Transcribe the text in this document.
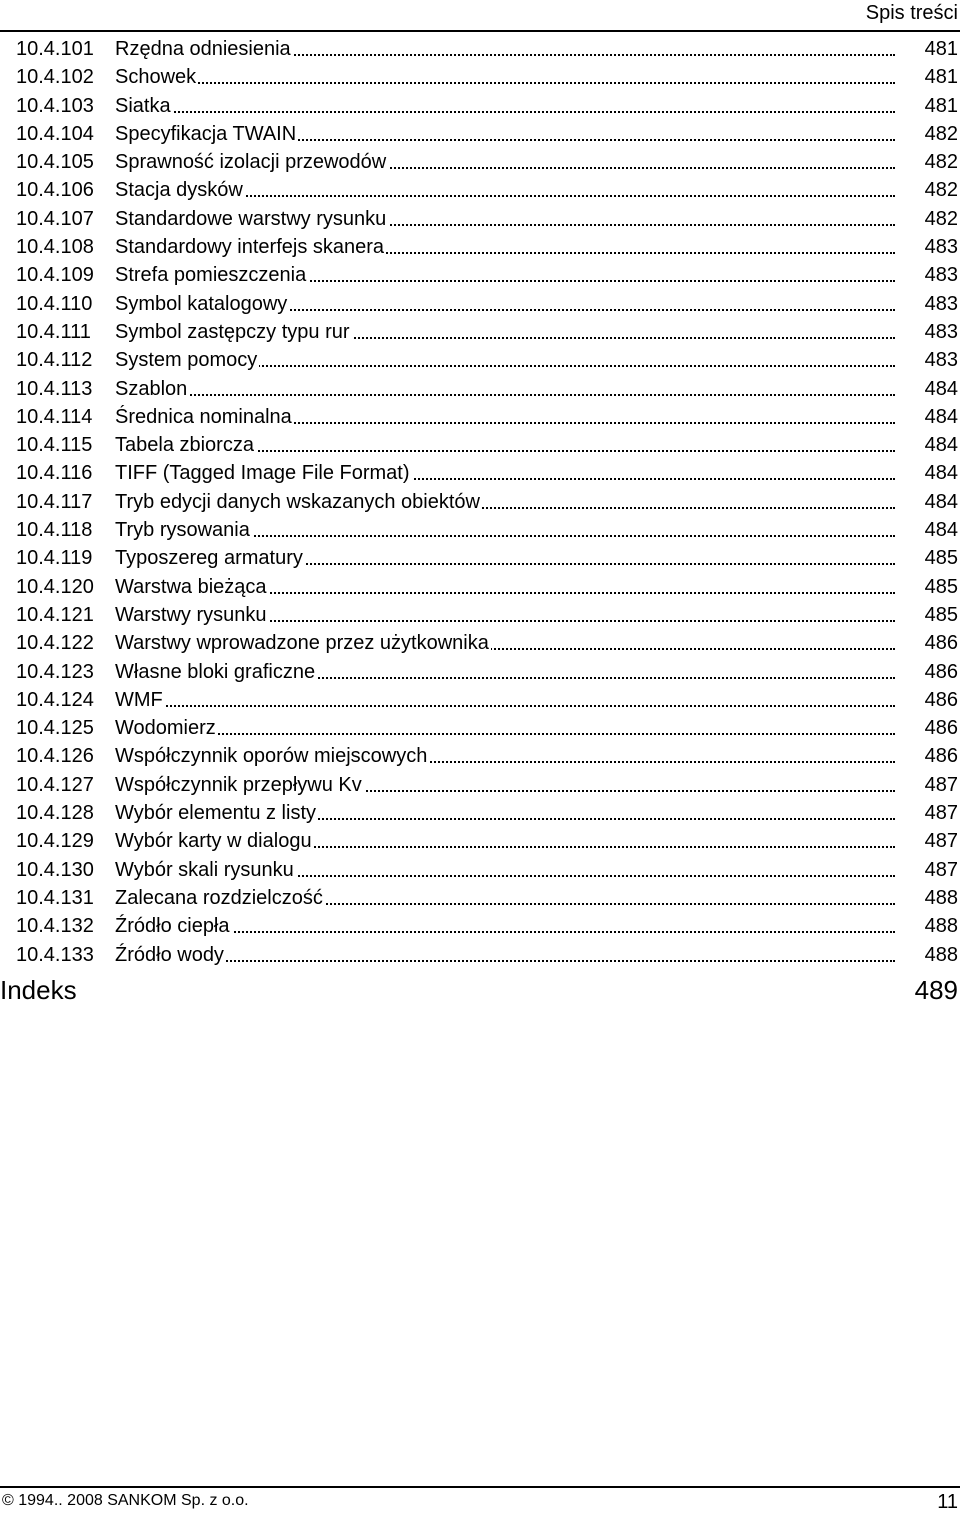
Spis treści
10.4.101 Rzędna odniesienia	481
10.4.102 Schowek	481
10.4.103 Siatka	481
10.4.104 Specyfikacja TWAIN	482
10.4.105 Sprawność izolacji przewodów	482
10.4.106 Stacja dysków	482
10.4.107 Standardowe warstwy rysunku	482
10.4.108 Standardowy interfejs skanera	483
10.4.109 Strefa pomieszczenia	483
10.4.110 Symbol katalogowy	483
10.4.111 Symbol zastępczy typu rur	483
10.4.112 System pomocy	483
10.4.113 Szablon	484
10.4.114 Średnica nominalna	484
10.4.115 Tabela zbiorcza	484
10.4.116 TIFF (Tagged Image File Format)	484
10.4.117 Tryb edycji danych wskazanych obiektów	484
10.4.118 Tryb rysowania	484
10.4.119 Typoszereg armatury	485
10.4.120 Warstwa bieżąca	485
10.4.121 Warstwy rysunku	485
10.4.122 Warstwy wprowadzone przez użytkownika	486
10.4.123 Własne bloki graficzne	486
10.4.124 WMF	486
10.4.125 Wodomierz	486
10.4.126 Współczynnik oporów miejscowych	486
10.4.127 Współczynnik przepływu Kv	487
10.4.128 Wybór elementu z listy	487
10.4.129 Wybór karty w dialogu	487
10.4.130 Wybór skali rysunku	487
10.4.131 Zalecana rozdzielczość	488
10.4.132 Źródło ciepła	488
10.4.133 Źródło wody	488
Indeks	489
© 1994.. 2008 SANKOM Sp. z o.o.	11
